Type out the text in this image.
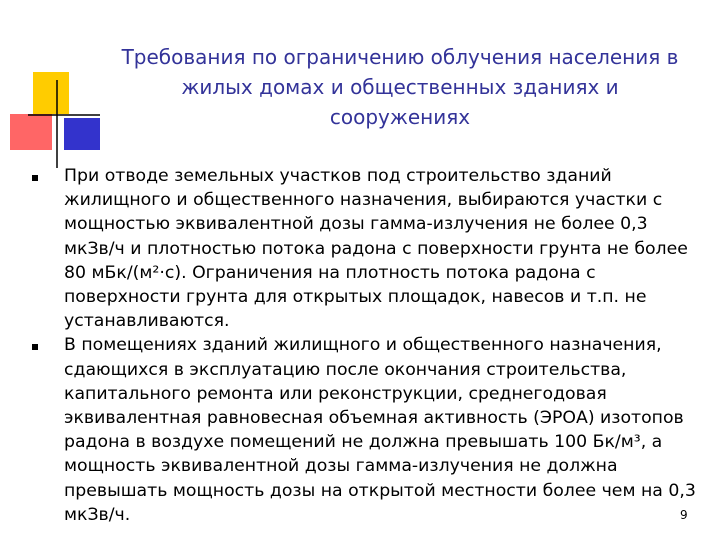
Требования по ограничению облучения населения в
жилых домах и общественных зданиях и
сооружениях
При отводе земельных участков под строительство зданий
жилищного и общественного назначения, выбираются участки с
мощностью эквивалентной дозы гамма-излучения не более 0,3
мкЗв/ч и плотностью потока радона с поверхности грунта не более
80 мБк/(м²·с). Ограничения на плотность потока радона с
поверхности грунта для открытых площадок, навесов и т.п. не
устанавливаются.
В помещениях зданий жилищного и общественного назначения,
сдающихся в эксплуатацию после окончания строительства,
капитального ремонта или реконструкции, среднегодовая
эквивалентная равновесная объемная активность (ЭРОА) изотопов
радона в воздухе помещений не должна превышать 100 Бк/м³, а
мощность эквивалентной дозы гамма-излучения не должна
превышать мощность дозы на открытой местности более чем на 0,3
мкЗв/ч.	9
